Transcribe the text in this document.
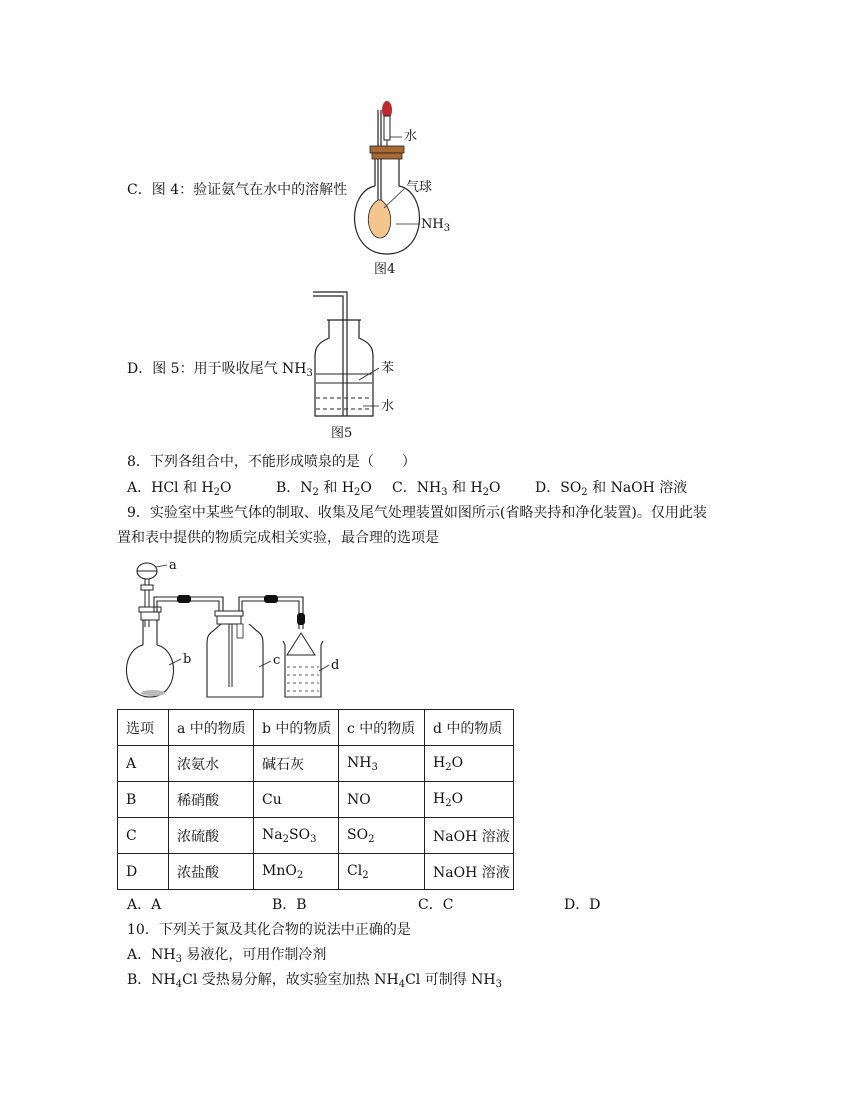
C．图 4：验证氨气在水中的溶解性
水
气球
$NH_3$
图4
D．图 5：用于吸收尾气 $NH_3$	苯
水
图5
8．下列各组合中，不能形成喷泉的是（　　）
A．HCl 和 $H_2O$	B．$N_2$ 和 $H_2O$ C．$NH_3$ 和 $H_2O$ D．$SO_2$ 和 NaOH 溶液
9．实验室中某些气体的制取、收集及尾气处理装置如图所示(省略夹持和净化装置)。仅用此装
置和表中提供的物质完成相关实验，最合理的选项是
a
b	c	d
选项	a 中的物质	b 中的物质	c 中的物质	d 中的物质
A	浓氨水	碱石灰	$NH_3$	$H_2O$
B	稀硝酸	Cu	NO	$H_2O$
C	浓硫酸	$Na_2SO_3$	$SO_2$	NaOH 溶液
D	浓盐酸	MnO$_2$	$Cl_2$	NaOH 溶液
A．A	B．B	C．C	D．D
10．下列关于氮及其化合物的说法中正确的是
A．$NH_3$ 易液化，可用作制冷剂
B．$NH_4Cl$ 受热易分解，故实验室加热 $NH_4Cl$ 可制得 $NH_3$
